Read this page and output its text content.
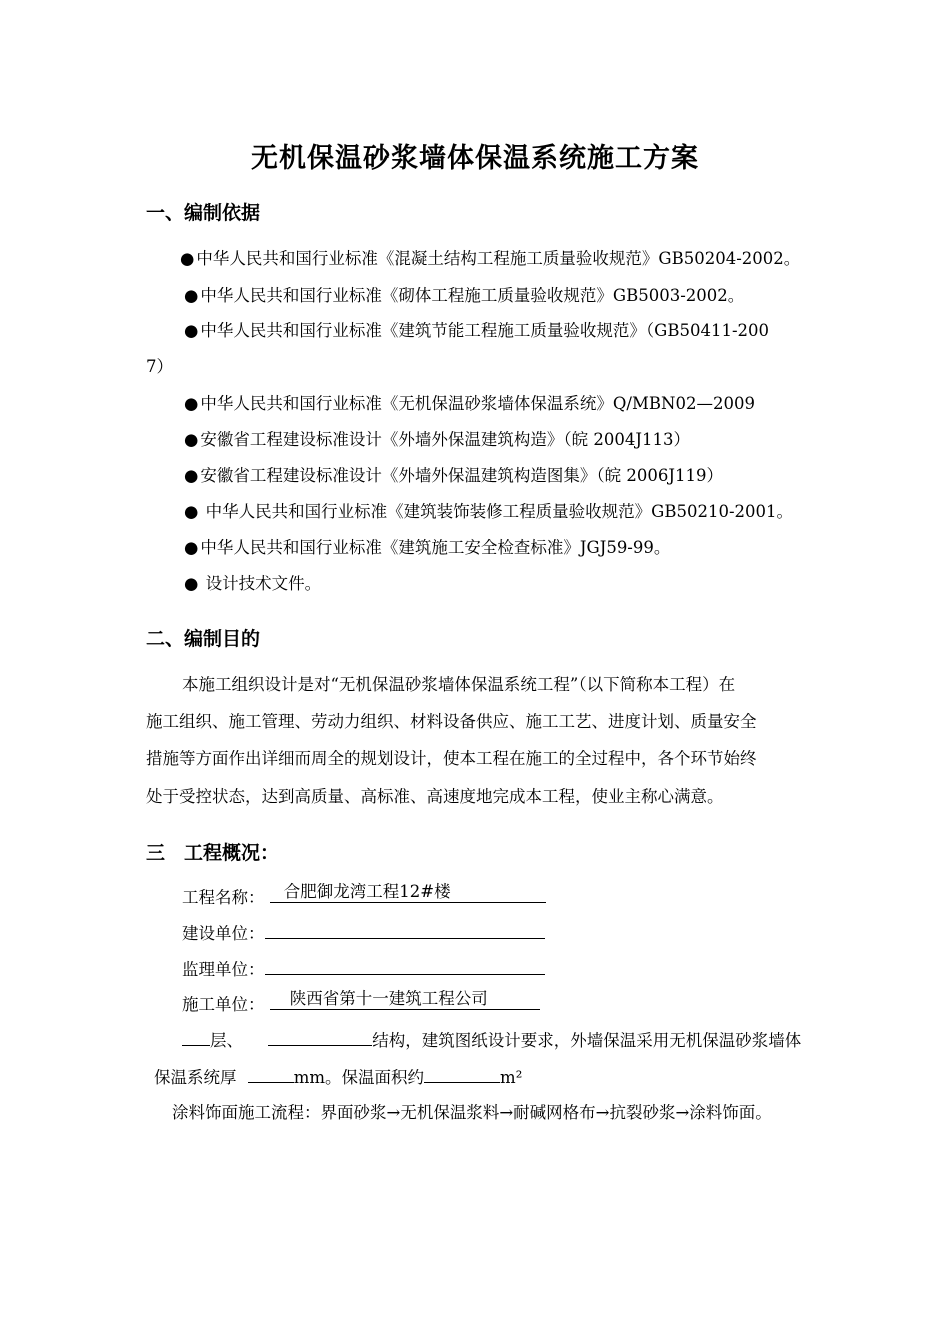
无机保温砂浆墙体保温系统施工方案
一、编制依据
● 中华人民共和国行业标准《混凝土结构工程施工质量验收规范》GB50204-2002。
● 中华人民共和国行业标准《砌体工程施工质量验收规范》GB5003-2002。
● 中华人民共和国行业标准《建筑节能工程施工质量验收规范》（GB50411-200
7）
● 中华人民共和国行业标准《无机保温砂浆墙体保温系统》Q/MBN02—2009
● 安徽省工程建设标准设计《外墙外保温建筑构造》（皖 2004J113）
● 安徽省工程建设标准设计《外墙外保温建筑构造图集》（皖 2006J119）
● 中华人民共和国行业标准《建筑装饰装修工程质量验收规范》GB50210-2001。
● 中华人民共和国行业标准《建筑施工安全检查标准》JGJ59-99。
● 设计技术文件。
二、编制目的
本施工组织设计是对“无机保温砂浆墙体保温系统工程”（以下简称本工程）在
施工组织、施工管理、劳动力组织、材料设备供应、施工工艺、进度计划、质量安全
措施等方面作出详细而周全的规划设计，使本工程在施工的全过程中，各个环节始终
处于受控状态，达到高质量、高标准、高速度地完成本工程，使业主称心满意。
三　工程概况：
工程名称： 合肥御龙湾工程12#楼
建设单位：
监理单位：
施工单位： 陕西省第十一建筑工程公司
层、	结构，建筑图纸设计要求，外墙保温采用无机保温砂浆墙体
保温系统厚	mm。保温面积约	m²
涂料饰面施工流程：界面砂浆→无机保温浆料→耐碱网格布→抗裂砂浆→涂料饰面。
